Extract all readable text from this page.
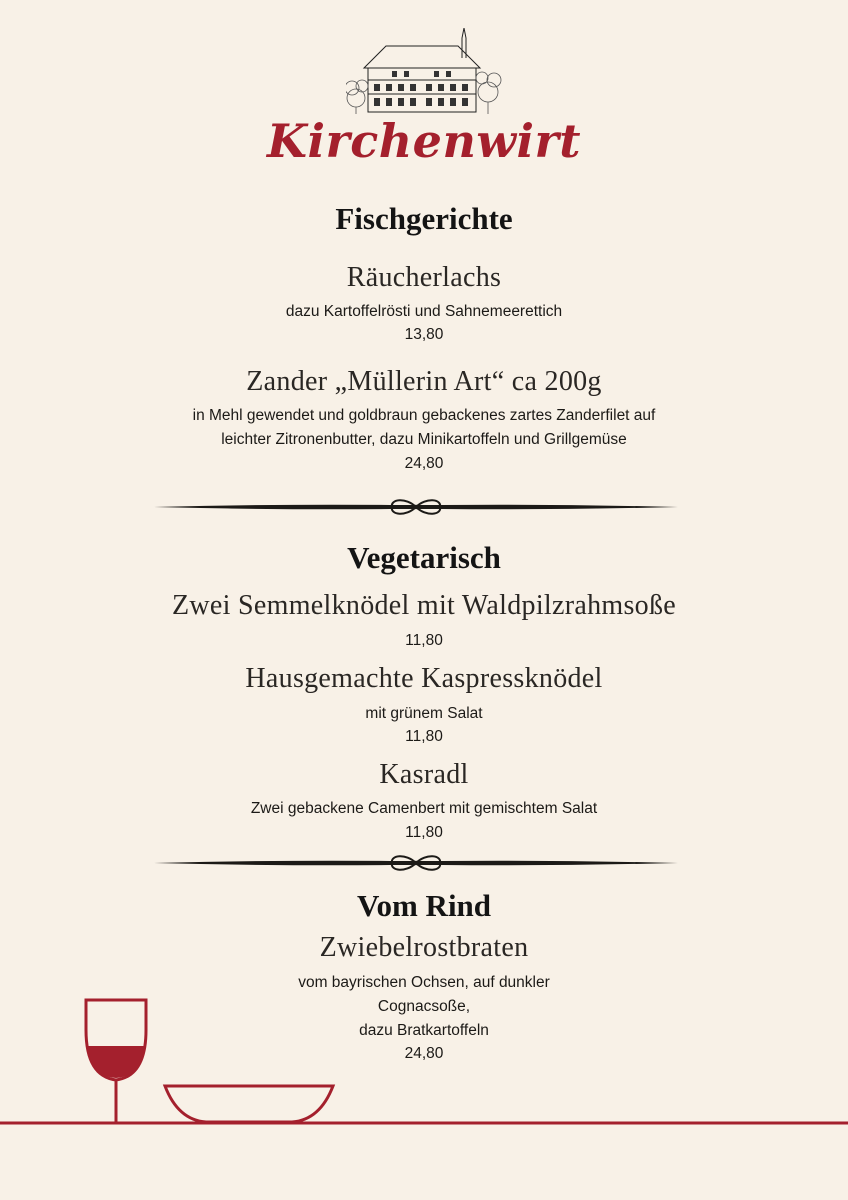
Kirchenwirt
Fischgerichte
Räucherlachs
dazu Kartoffelrösti und Sahnemeerettich
13,80
Zander „Müllerin Art“ ca 200g
in Mehl gewendet und goldbraun gebackenes zartes Zanderfilet auf
leichter Zitronenbutter, dazu Minikartoffeln und Grillgemüse
24,80
Vegetarisch
Zwei Semmelknödel mit Waldpilzrahmsoße
11,80
Hausgemachte Kaspressknödel
mit grünem Salat
11,80
Kasradl
Zwei gebackene Camenbert mit gemischtem Salat
11,80
Vom Rind
Zwiebelrostbraten
vom bayrischen Ochsen, auf dunkler
Cognacsoße,
dazu Bratkartoffeln
24,80
